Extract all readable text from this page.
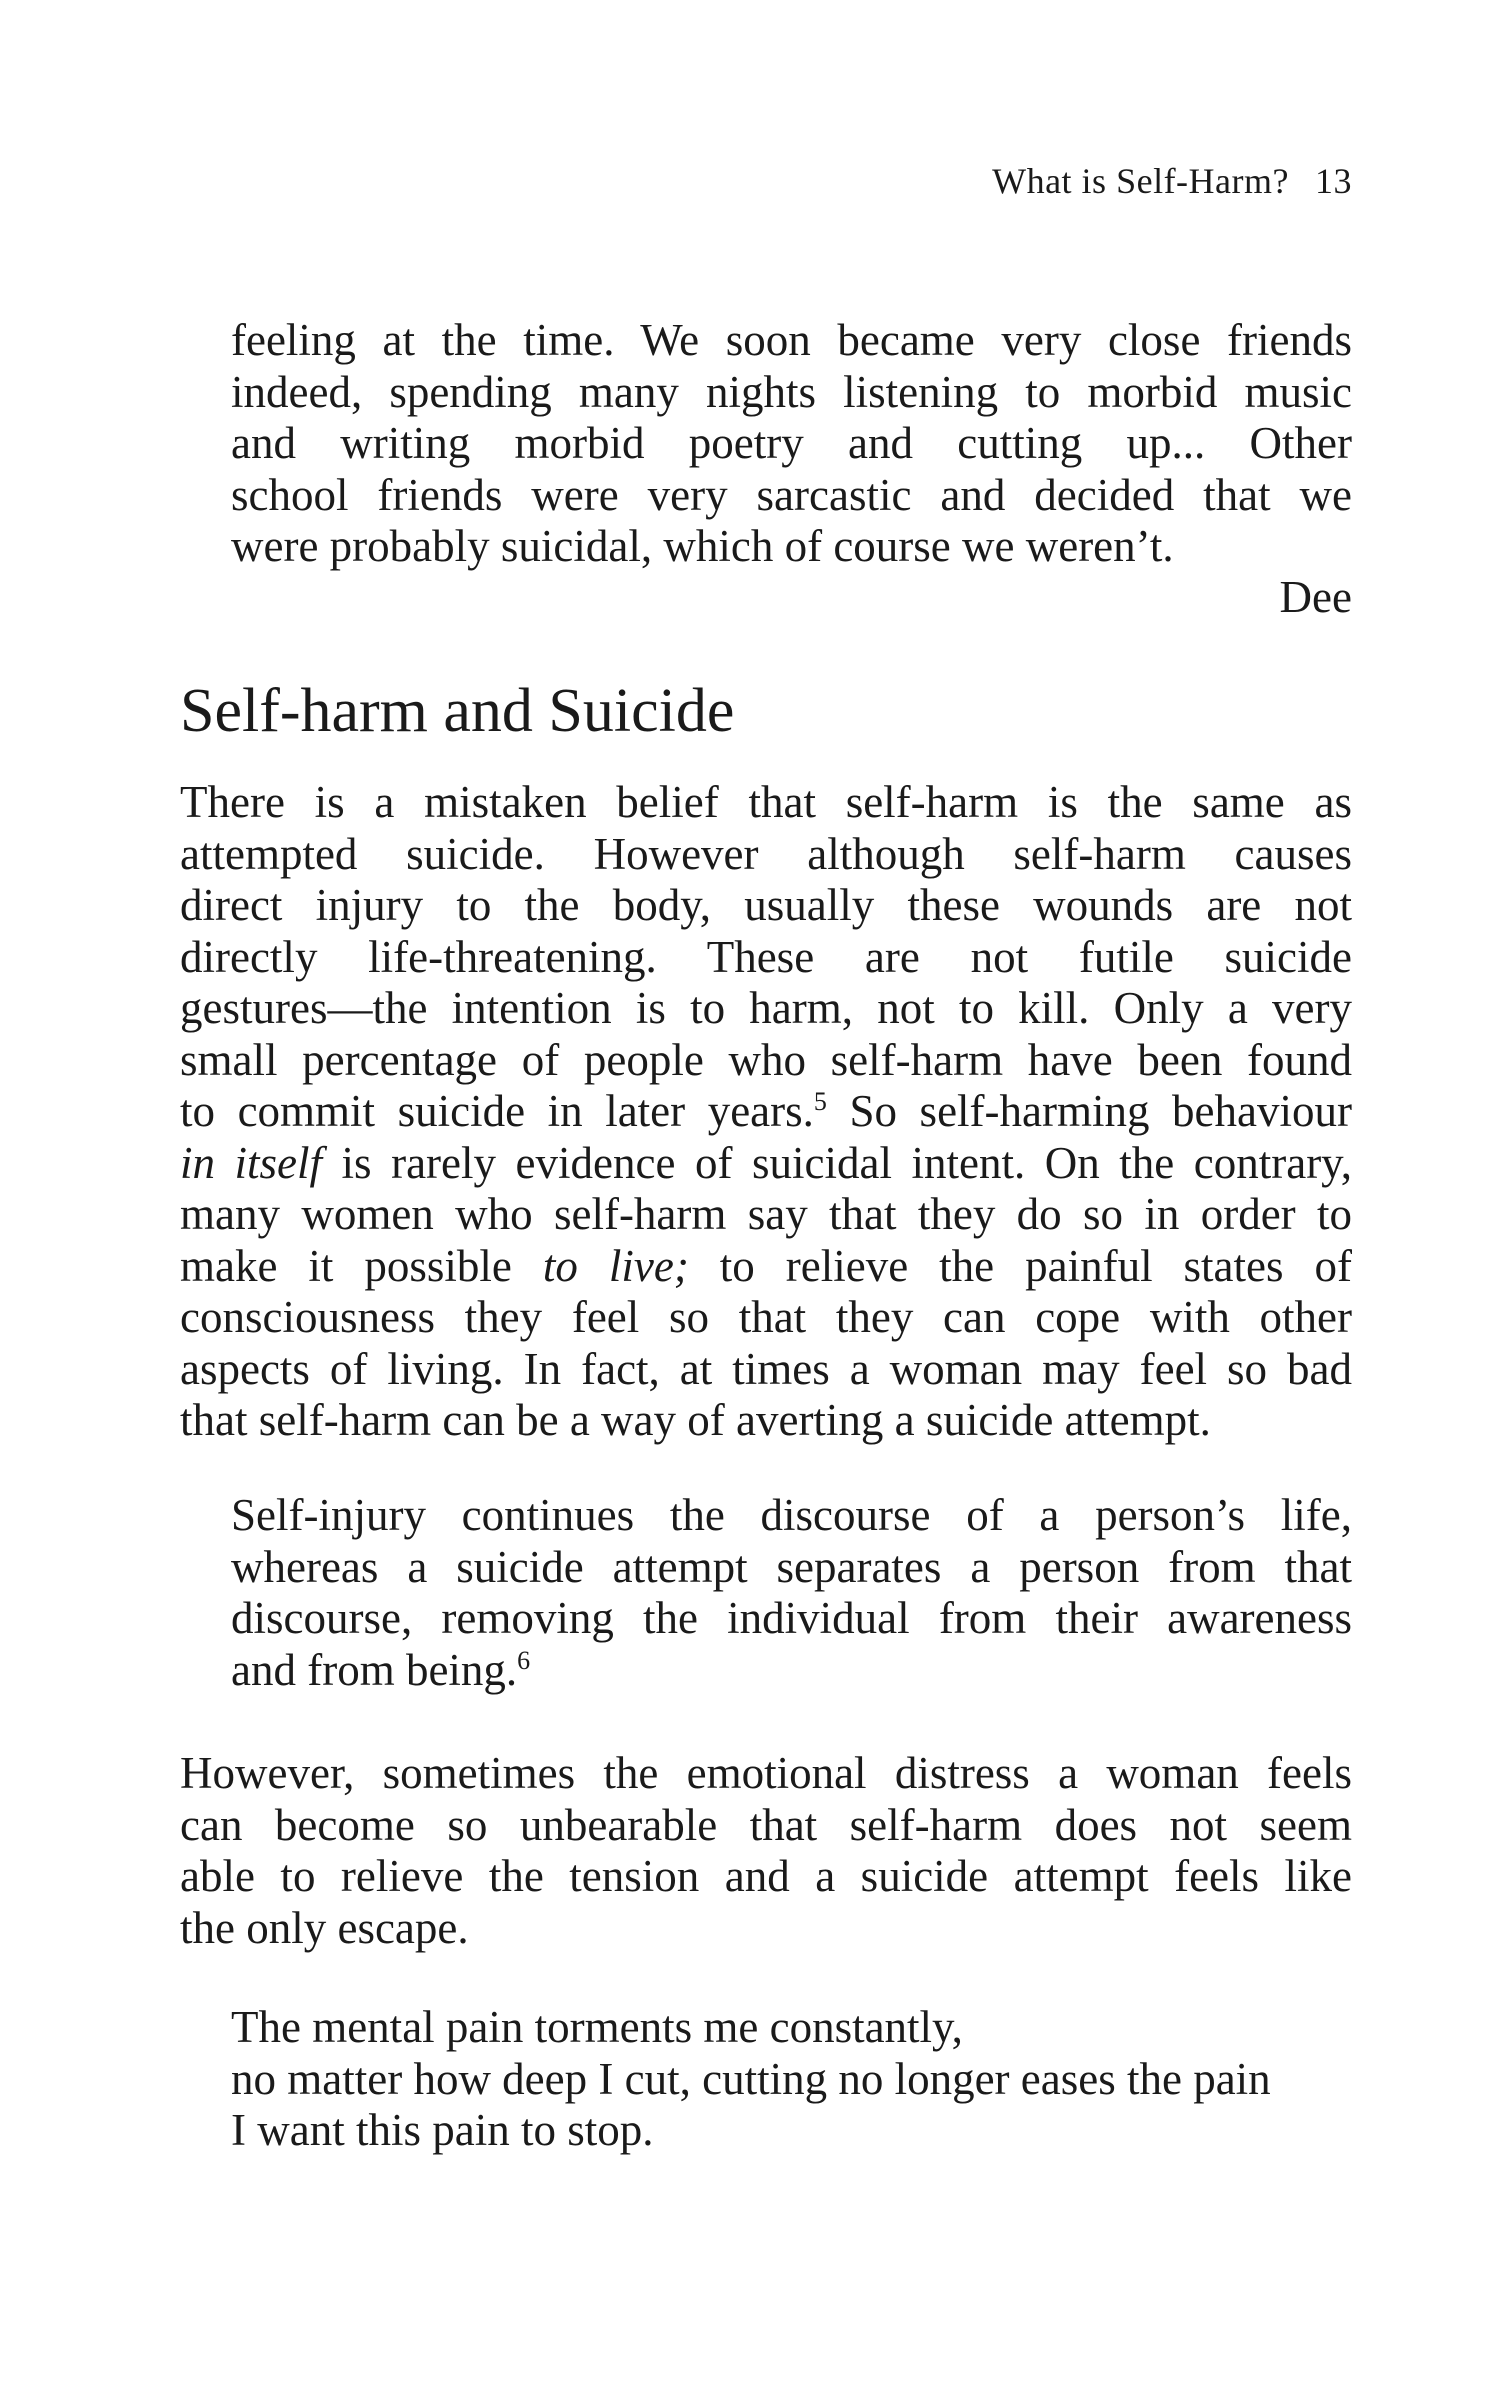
What is Self-Harm? 13
feeling at the time. We soon became very close friends
indeed, spending many nights listening to morbid music
and writing morbid poetry and cutting up... Other
school friends were very sarcastic and decided that we
were probably suicidal, which of course we weren’t.
Dee
Self-harm and Suicide
There is a mistaken belief that self-harm is the same as
attempted suicide. However although self-harm causes
direct injury to the body, usually these wounds are not
directly life-threatening. These are not futile suicide
gestures—the intention is to harm, not to kill. Only a very
small percentage of people who self-harm have been found
to commit suicide in later years.$^5$ So self-harming behaviour
in itself is rarely evidence of suicidal intent. On the contrary,
many women who self-harm say that they do so in order to
make it possible to live; to relieve the painful states of
consciousness they feel so that they can cope with other
aspects of living. In fact, at times a woman may feel so bad
that self-harm can be a way of averting a suicide attempt.
Self-injury continues the discourse of a person’s life,
whereas a suicide attempt separates a person from that
discourse, removing the individual from their awareness
and from being.$^6$
However, sometimes the emotional distress a woman feels
can become so unbearable that self-harm does not seem
able to relieve the tension and a suicide attempt feels like
the only escape.
The mental pain torments me constantly,
no matter how deep I cut, cutting no longer eases the pain
I want this pain to stop.
